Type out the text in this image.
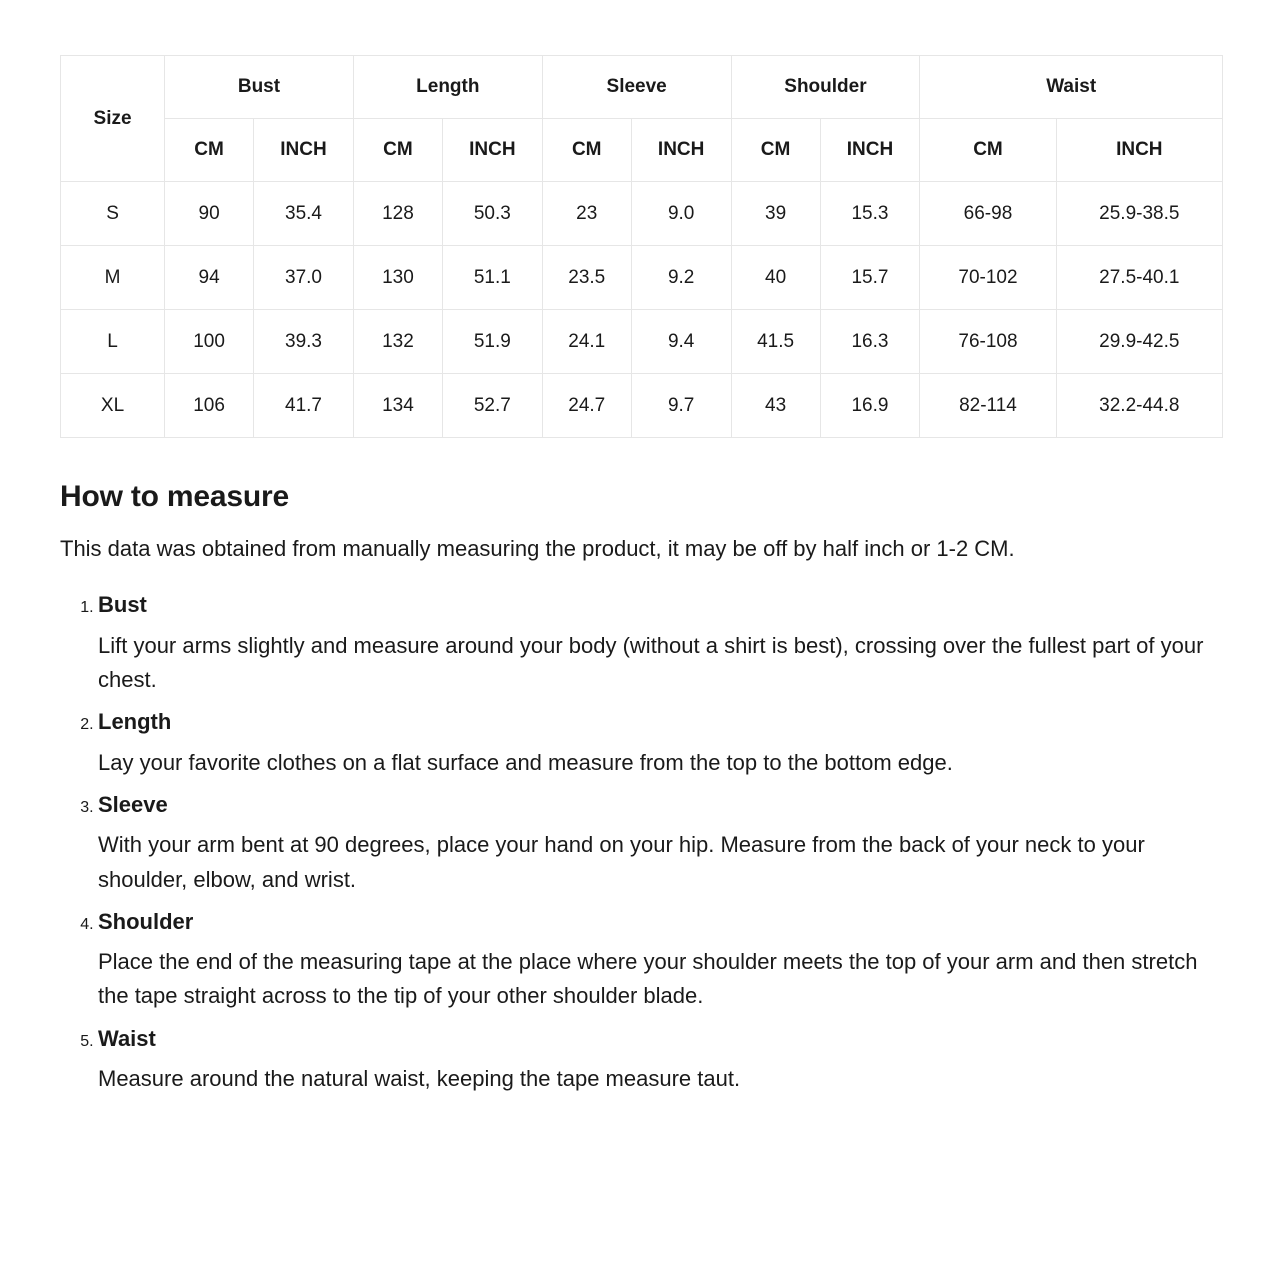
Size	Bust		Length		Sleeve		Shoulder		Waist	
	CM	INCH	CM	INCH	CM	INCH	CM	INCH	CM	INCH
S	90	35.4	128	50.3	23	9.0	39	15.3	66-98	25.9-38.5
M	94	37.0	130	51.1	23.5	9.2	40	15.7	70-102	27.5-40.1
L	100	39.3	132	51.9	24.1	9.4	41.5	16.3	76-108	29.9-42.5
XL	106	41.7	134	52.7	24.7	9.7	43	16.9	82-114	32.2-44.8
How to measure

This data was obtained from manually measuring the product, it may be off by half inch or 1-2 CM.

1. Bust
Lift your arms slightly and measure around your body (without a shirt is best), crossing over the fullest part of your chest.
2. Length
Lay your favorite clothes on a flat surface and measure from the top to the bottom edge.
3. Sleeve
With your arm bent at 90 degrees, place your hand on your hip. Measure from the back of your neck to your shoulder, elbow, and wrist.
4. Shoulder
Place the end of the measuring tape at the place where your shoulder meets the top of your arm and then stretch the tape straight across to the tip of your other shoulder blade.
5. Waist
Measure around the natural waist, keeping the tape measure taut.
